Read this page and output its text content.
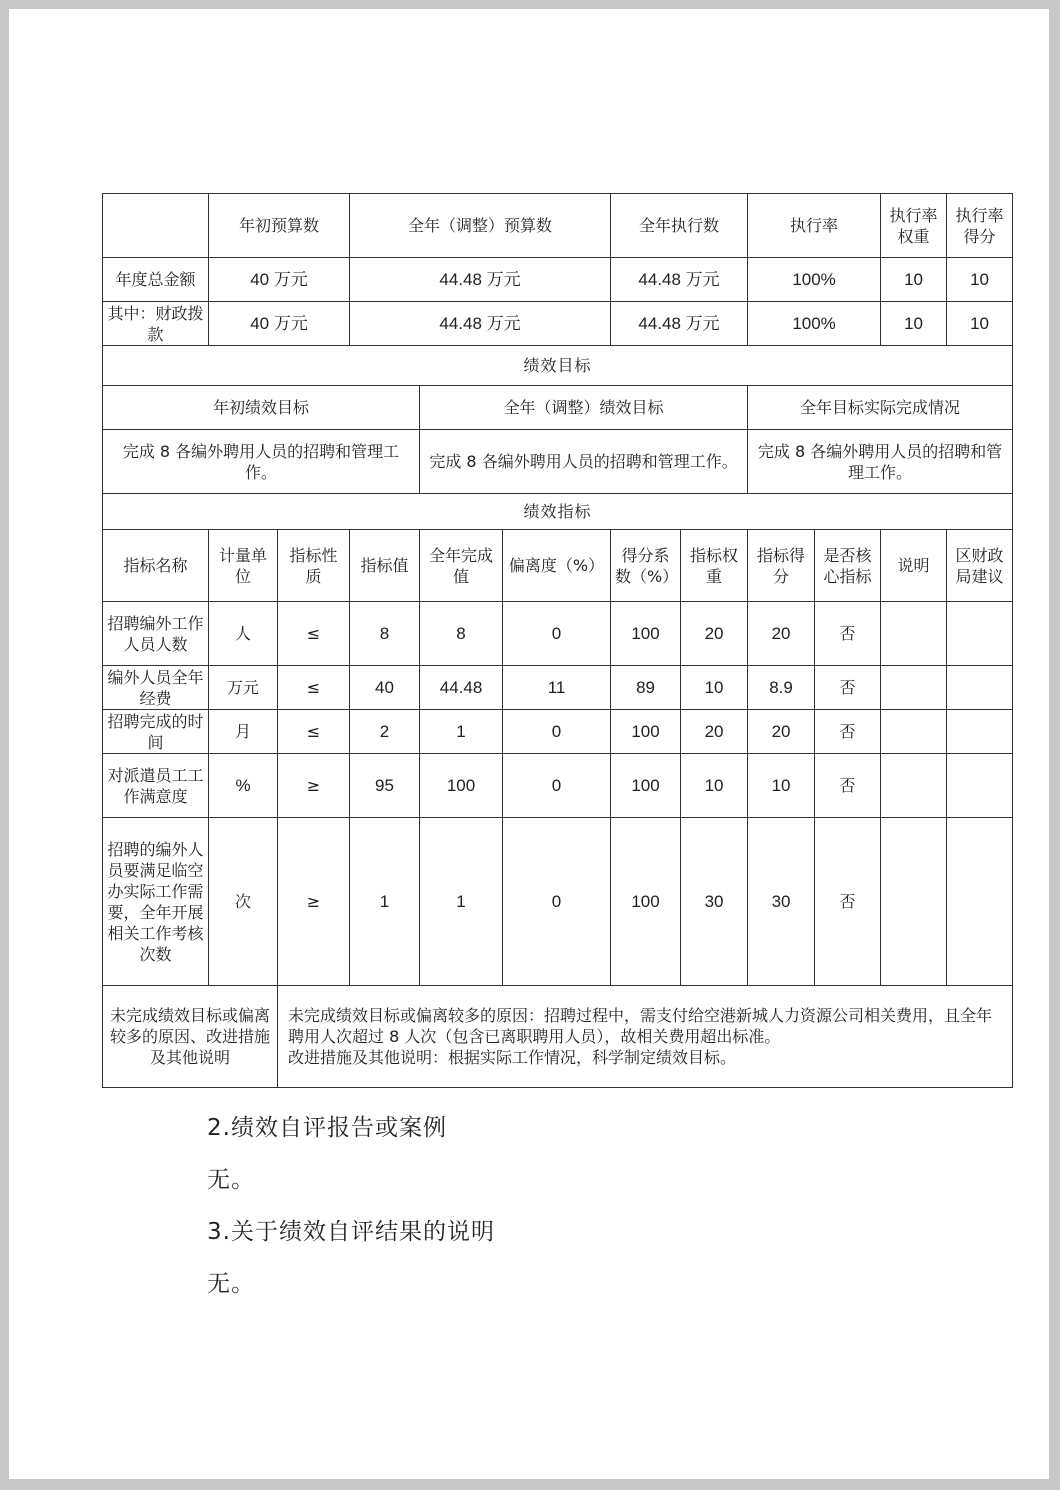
	年初预算数		全年（调整）预算数			全年执行数		执行率		执行率权重	执行率得分
年度总金额	40 万元		44.48 万元			44.48 万元		100%		10	10
其中：财政拨款	40 万元		44.48 万元			44.48 万元		100%		10	10
绩效目标											
年初绩效目标				全年（调整）绩效目标				全年目标实际完成情况			
完成 8 各编外聘用人员的招聘和管理工作。				完成 8 各编外聘用人员的招聘和管理工作。				完成 8 各编外聘用人员的招聘和管理工作。			
绩效指标											
指标名称	计量单位	指标性质	指标值	全年完成值	偏离度（%）	得分系数（%）	指标权重	指标得分	是否核心指标	说明	区财政局建议
招聘编外工作人员人数	人	≤	8	8	0	100	20	20	否		
编外人员全年经费	万元	≤	40	44.48	11	89	10	8.9	否		
招聘完成的时间	月	≤	2	1	0	100	20	20	否		
对派遣员工工作满意度	%	≥	95	100	0	100	10	10	否		
招聘的编外人员要满足临空办实际工作需要，全年开展相关工作考核次数	次	≥	1	1	0	100	30	30	否		
未完成绩效目标或偏离较多的原因、改进措施及其他说明		未完成绩效目标或偏离较多的原因：招聘过程中，需支付给空港新城人力资源公司相关费用，且全年聘用人次超过 8 人次（包含已离职聘用人员），故相关费用超出标准。
改进措施及其他说明：根据实际工作情况，科学制定绩效目标。									
2.绩效自评报告或案例
无。
3.关于绩效自评结果的说明
无。
